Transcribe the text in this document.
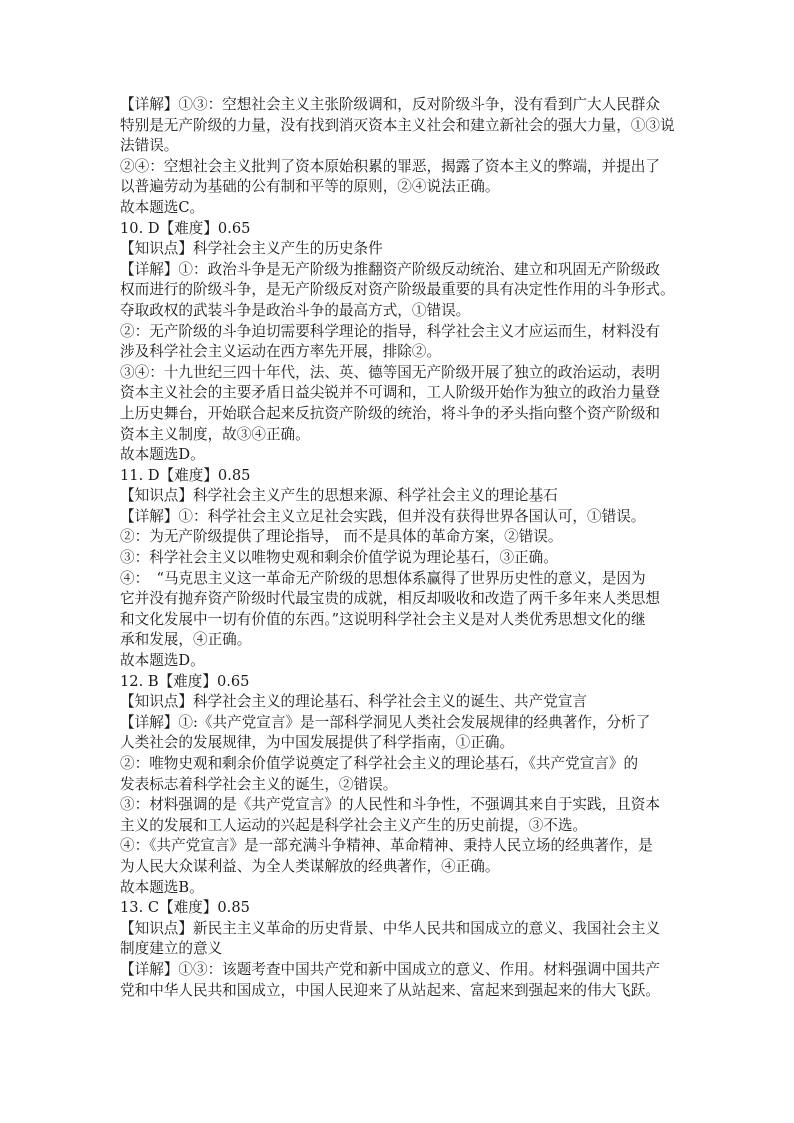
【详解】①③：空想社会主义主张阶级调和，反对阶级斗争，没有看到广大人民群众
特别是无产阶级的力量，没有找到消灭资本主义社会和建立新社会的强大力量，①③说
法错误。
②④：空想社会主义批判了资本原始积累的罪恶，揭露了资本主义的弊端，并提出了
以普遍劳动为基础的公有制和平等的原则，②④说法正确。
故本题选C。
10. D【难度】0.65
【知识点】科学社会主义产生的历史条件
【详解】①：政治斗争是无产阶级为推翻资产阶级反动统治、建立和巩固无产阶级政
权而进行的阶级斗争，是无产阶级反对资产阶级最重要的具有决定性作用的斗争形式。
夺取政权的武装斗争是政治斗争的最高方式，①错误。
②：无产阶级的斗争迫切需要科学理论的指导，科学社会主义才应运而生，材料没有
涉及科学社会主义运动在西方率先开展，排除②。
③④：十九世纪三四十年代，法、英、德等国无产阶级开展了独立的政治运动，表明
资本主义社会的主要矛盾日益尖锐并不可调和，工人阶级开始作为独立的政治力量登
上历史舞台，开始联合起来反抗资产阶级的统治，将斗争的矛头指向整个资产阶级和
资本主义制度，故③④正确。
故本题选D。
11. D【难度】0.85
【知识点】科学社会主义产生的思想来源、科学社会主义的理论基石
【详解】①：科学社会主义立足社会实践，但并没有获得世界各国认可，①错误。
②：为无产阶级提供了理论指导， 而不是具体的革命方案，②错误。
③：科学社会主义以唯物史观和剩余价值学说为理论基石，③正确。
④：　“马克思主义这一革命无产阶级的思想体系赢得了世界历史性的意义，是因为
它并没有抛弃资产阶级时代最宝贵的成就，相反却吸收和改造了两千多年来人类思想
和文化发展中一切有价值的东西。”这说明科学社会主义是对人类优秀思想文化的继
承和发展，④正确。
故本题选D。
12. B【难度】0.65
【知识点】科学社会主义的理论基石、科学社会主义的诞生、共产党宣言
【详解】①:《共产党宣言》是一部科学洞见人类社会发展规律的经典著作，分析了
人类社会的发展规律，为中国发展提供了科学指南，①正确。
②：唯物史观和剩余价值学说奠定了科学社会主义的理论基石，《共产党宣言》的
发表标志着科学社会主义的诞生，②错误。
③：材料强调的是《共产党宣言》的人民性和斗争性，不强调其来自于实践，且资本
主义的发展和工人运动的兴起是科学社会主义产生的历史前提，③不选。
④：《共产党宣言》是一部充满斗争精神、革命精神、秉持人民立场的经典著作，是
为人民大众谋利益、为全人类谋解放的经典著作，④正确。
故本题选B。
13. C【难度】0.85
【知识点】新民主主义革命的历史背景、中华人民共和国成立的意义、我国社会主义
制度建立的意义
【详解】①③：该题考查中国共产党和新中国成立的意义、作用。材料强调中国共产
党和中华人民共和国成立，中国人民迎来了从站起来、富起来到强起来的伟大飞跃。
